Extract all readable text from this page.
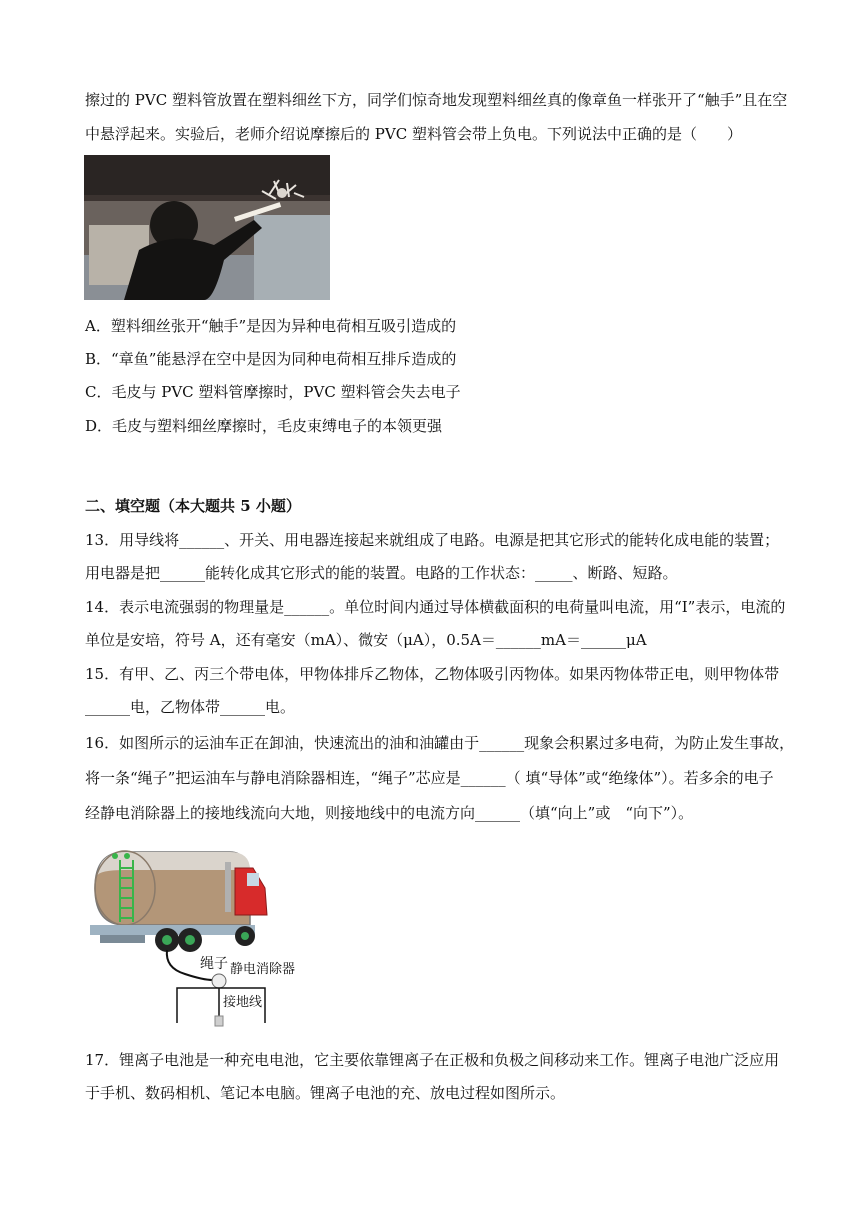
擦过的 PVC 塑料管放置在塑料细丝下方，同学们惊奇地发现塑料细丝真的像章鱼一样张开了“触手”且在空
中悬浮起来。实验后，老师介绍说摩擦后的 PVC 塑料管会带上负电。下列说法中正确的是（　　）
A．塑料细丝张开“触手”是因为异种电荷相互吸引造成的
B．“章鱼”能悬浮在空中是因为同种电荷相互排斥造成的
C．毛皮与 PVC 塑料管摩擦时，PVC 塑料管会失去电子
D．毛皮与塑料细丝摩擦时，毛皮束缚电子的本领更强
二、填空题（本大题共 5 小题）
13．用导线将______、开关、用电器连接起来就组成了电路。电源是把其它形式的能转化成电能的装置；
用电器是把______能转化成其它形式的能的装置。电路的工作状态：_____、断路、短路。
14．表示电流强弱的物理量是______。单位时间内通过导体横截面积的电荷量叫电流，用“I”表示，电流的
单位是安培，符号 A，还有毫安（mA）、微安（μA），0.5A＝______mA＝______μA
15．有甲、乙、丙三个带电体，甲物体排斥乙物体，乙物体吸引丙物体。如果丙物体带正电，则甲物体带
______电，乙物体带______电。
16．如图所示的运油车正在卸油，快速流出的油和油罐由于______现象会积累过多电荷，为防止发生事故，
将一条“绳子”把运油车与静电消除器相连，“绳子”芯应是______（ 填“导体”或“绝缘体”）。若多余的电子
经静电消除器上的接地线流向大地，则接地线中的电流方向______（填“向上”或　“向下”）。
绳子 静电消除器
接地线
17．锂离子电池是一种充电电池，它主要依靠锂离子在正极和负极之间移动来工作。锂离子电池广泛应用
于手机、数码相机、笔记本电脑。锂离子电池的充、放电过程如图所示。
